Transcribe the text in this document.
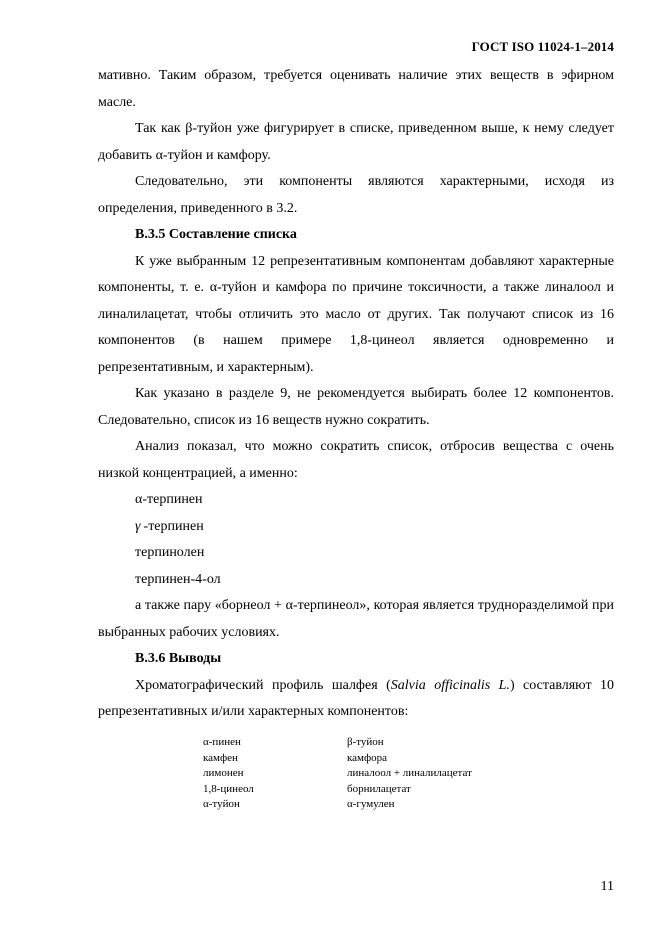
ГОСТ ISO 11024-1–2014

мативно. Таким образом, требуется оценивать наличие этих веществ в эфирном масле.

Так как β-туйон уже фигурирует в списке, приведенном выше, к нему следует добавить α-туйон и камфору.

Следовательно, эти компоненты являются характерными, исходя из определения, приведенного в 3.2.

В.3.5 Составление списка

К уже выбранным 12 репрезентативным компонентам добавляют характерные компоненты, т. е. α-туйон и камфора по причине токсичности, а также линалоол и линалилацетат, чтобы отличить это масло от других. Так получают список из 16 компонентов (в нашем примере 1,8-цинеол является одновременно и репрезентативным, и характерным).

Как указано в разделе 9, не рекомендуется выбирать более 12 компонентов. Следовательно, список из 16 веществ нужно сократить.

Анализ показал, что можно сократить список, отбросив вещества с очень низкой концентрацией, а именно:

α-терпинен

γ -терпинен

терпинолен

терпинен-4-ол

а также пару «борнеол + α-терпинеол», которая является трудноразделимой при выбранных рабочих условиях.

В.3.6 Выводы

Хроматографический профиль шалфея (Salvia officinalis L.) составляют 10 репрезентативных и/или характерных компонентов:

α-пинен	β-туйон
камфен	камфора
лимонен	линалоол + линалилацетат
1,8-цинеол	борнилацетат
α-туйон	α-гумулен
11
